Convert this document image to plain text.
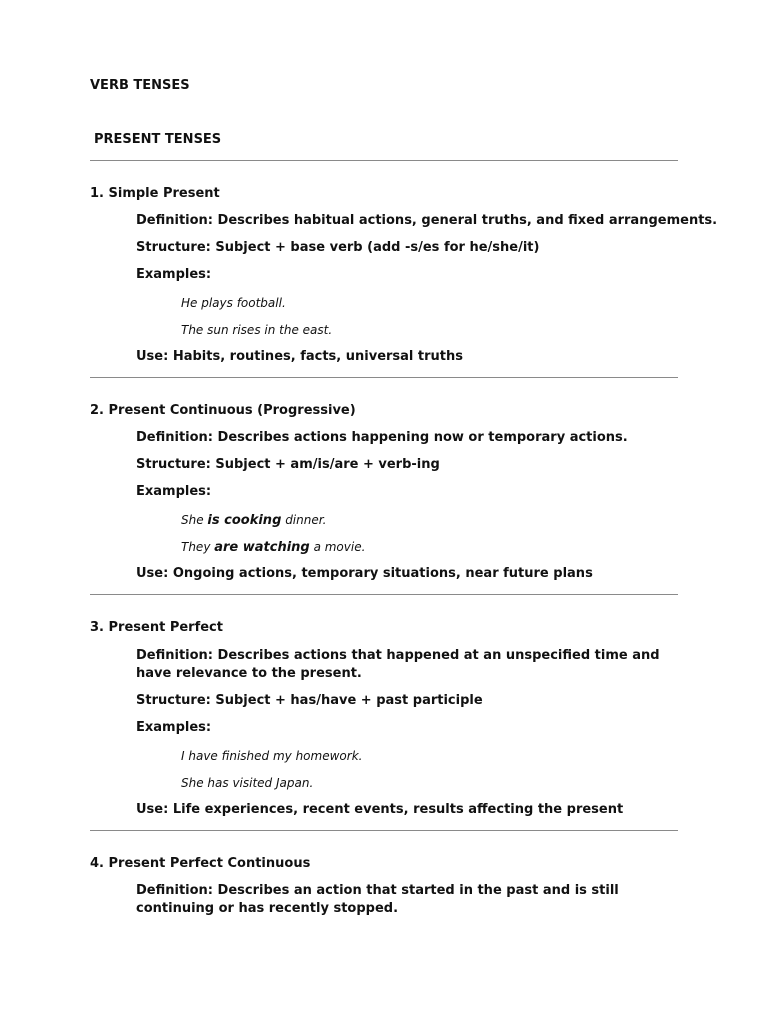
VERB TENSES
PRESENT TENSES
1. Simple Present
Definition: Describes habitual actions, general truths, and fixed arrangements.
Structure: Subject + base verb (add -s/es for he/she/it)
Examples:
He plays football.
The sun rises in the east.
Use: Habits, routines, facts, universal truths
2. Present Continuous (Progressive)
Definition: Describes actions happening now or temporary actions.
Structure: Subject + am/is/are + verb-ing
Examples:
She is cooking dinner.
They are watching a movie.
Use: Ongoing actions, temporary situations, near future plans
3. Present Perfect
Definition: Describes actions that happened at an unspecified time and have relevance to the present.
Structure: Subject + has/have + past participle
Examples:
I have finished my homework.
She has visited Japan.
Use: Life experiences, recent events, results affecting the present
4. Present Perfect Continuous
Definition: Describes an action that started in the past and is still continuing or has recently stopped.
